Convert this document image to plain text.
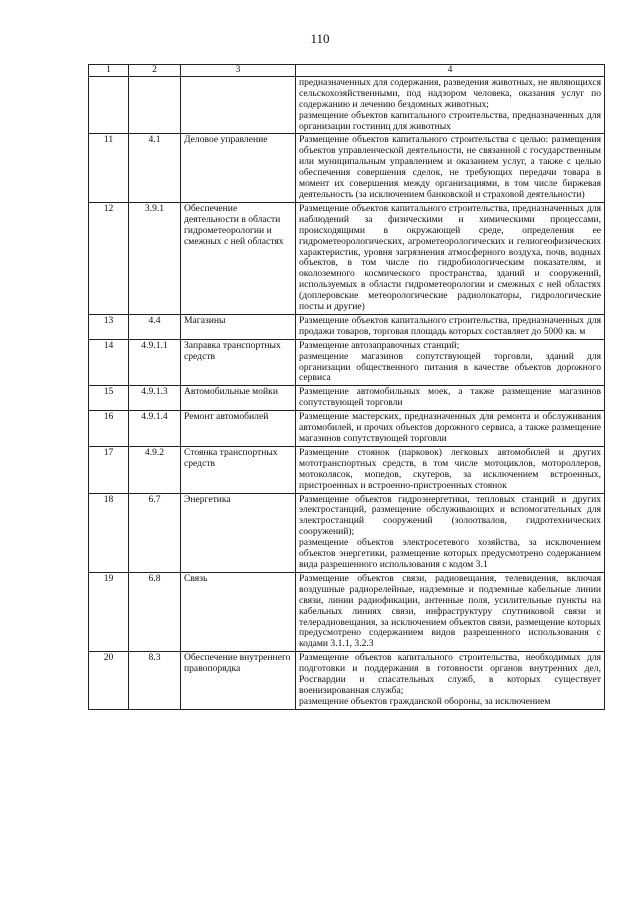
110
1	2	3	4

			предназначенных для содержания, разведения животных, не являющихся сельскохозяйственными, под надзором человека, оказания услуг по содержанию и лечению бездомных животных;
размещение объектов капитального строительства, предназначенных для организации гостиниц для животных

11	4.1	Деловое управление	Размещение объектов капитального строительства с целью: размещения объектов управленческой деятельности, не связанной с государственным или муниципальным управлением и оказанием услуг, а также с целью обеспечения совершения сделок, не требующих передачи товара в момент их совершения между организациями, в том числе биржевая деятельность (за исключением банковской и страховой деятельности)

12	3.9.1	Обеспечение деятельности в области гидрометеорологии и смежных с ней областях	Размещение объектов капитального строительства, предназначенных для наблюдений за физическими и химическими процессами, происходящими в окружающей среде, определения ее гидрометеорологических, агрометеорологических и гелиогеофизических характеристик, уровня загрязнения атмосферного воздуха, почв, водных объектов, в том числе по гидробиологическим показателям, и околоземного космического пространства, зданий и сооружений, используемых в области гидрометеорологии и смежных с ней областях (доплеровские метеорологические радиолокаторы, гидрологические посты и другие)

13	4.4	Магазины	Размещение объектов капитального строительства, предназначенных для продажи товаров, торговая площадь которых составляет до 5000 кв. м

14	4.9.1.1	Заправка транспортных средств	Размещение автозаправочных станций;
размещение магазинов сопутствующей торговли, зданий для организации общественного питания в качестве объектов дорожного сервиса

15	4.9.1.3	Автомобильные мойки	Размещение автомобильных моек, а также размещение магазинов сопутствующей торговли

16	4.9.1.4	Ремонт автомобилей	Размещение мастерских, предназначенных для ремонта и обслуживания автомобилей, и прочих объектов дорожного сервиса, а также размещение магазинов сопутствующей торговли

17	4.9.2	Стоянка транспортных средств	Размещение стоянок (парковок) легковых автомобилей и других мототранспортных средств, в том числе мотоциклов, мотороллеров, мотоколясок, мопедов, скутеров, за исключением встроенных, пристроенных и встроенно-пристроенных стоянок

18	6.7	Энергетика	Размещение объектов гидроэнергетики, тепловых станций и других электростанций, размещение обслуживающих и вспомогательных для электростанций сооружений (золоотвалов, гидротехнических сооружений);
размещение объектов электросетевого хозяйства, за исключением объектов энергетики, размещение которых предусмотрено содержанием вида разрешенного использования с кодом 3.1

19	6.8	Связь	Размещение объектов связи, радиовещания, телевидения, включая воздушные радиорелейные, надземные и подземные кабельные линии связи, линии радиофикации, антенные поля, усилительные пункты на кабельных линиях связи, инфраструктуру спутниковой связи и телерадиовещания, за исключением объектов связи, размещение которых предусмотрено содержанием видов разрешенного использования с кодами 3.1.1, 3.2.3

20	8.3	Обеспечение внутреннего правопорядка	Размещение объектов капитального строительства, необходимых для подготовки и поддержания в готовности органов внутренних дел, Росгвардии и спасательных служб, в которых существует военизированная служба;
размещение объектов гражданской обороны, за исключением
